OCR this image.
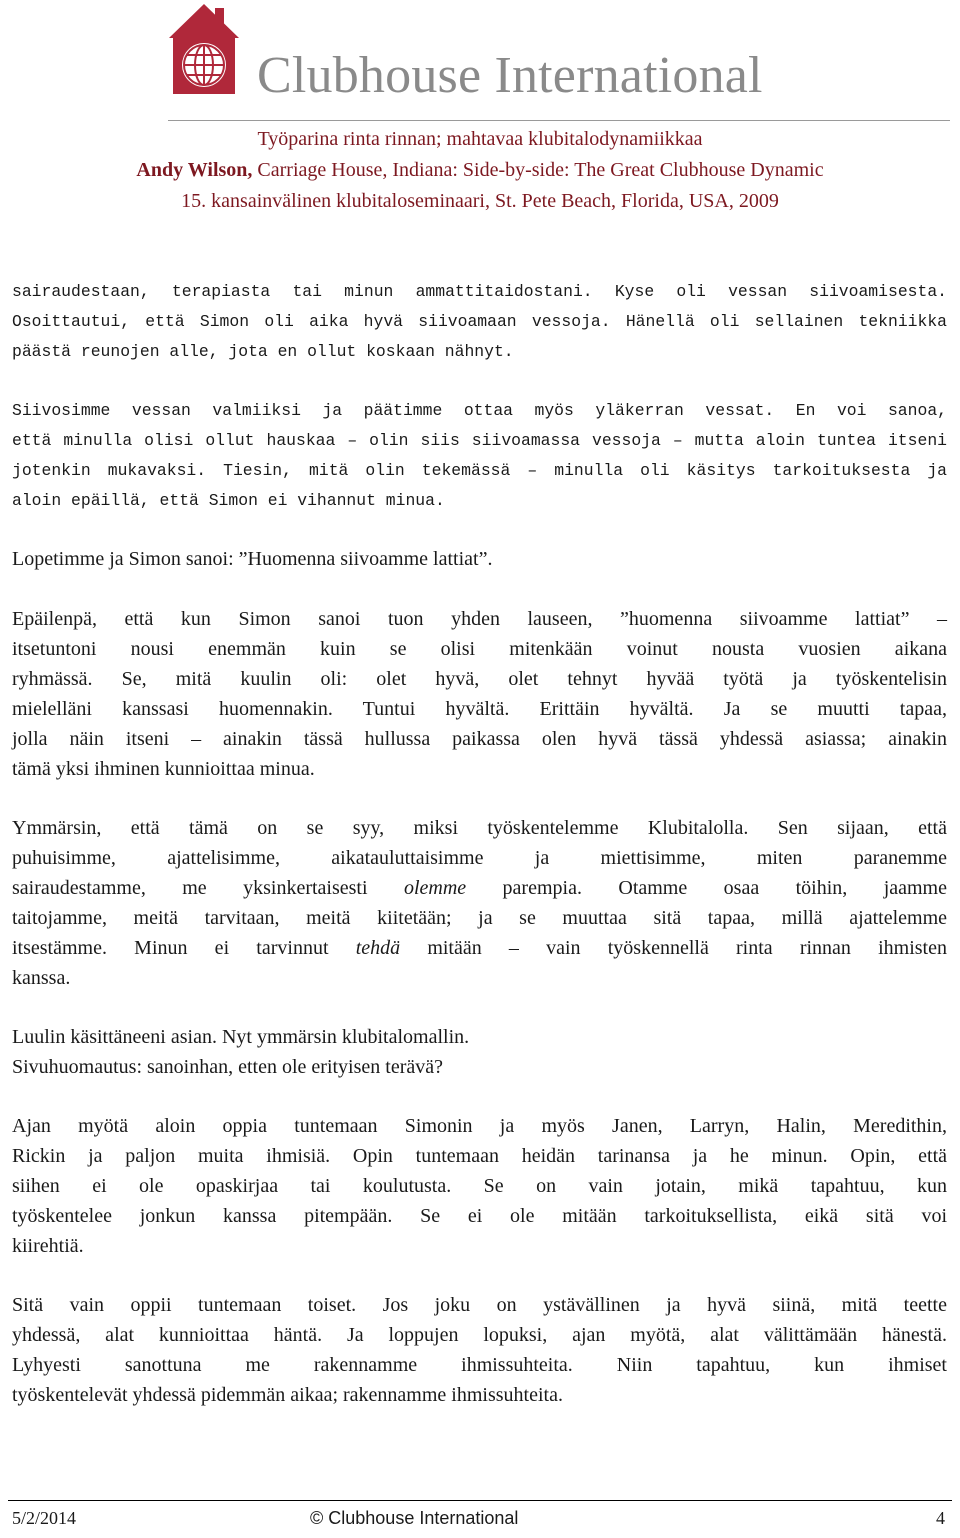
Clubhouse International
Työparina rinta rinnan; mahtavaa klubitalodynamiikkaa
Andy Wilson, Carriage House, Indiana: Side-by-side: The Great Clubhouse Dynamic
15. kansainvälinen klubitaloseminaari, St. Pete Beach, Florida, USA, 2009
sairaudestaan, terapiasta tai minun ammattitaidostani. Kyse oli vessan siivoamisesta.
Osoittautui, että Simon oli aika hyvä siivoamaan vessoja. Hänellä oli sellainen tekniikka
päästä reunojen alle, jota en ollut koskaan nähnyt.
Siivosimme vessan valmiiksi ja päätimme ottaa myös yläkerran vessat. En voi sanoa,
että minulla olisi ollut hauskaa – olin siis siivoamassa vessoja – mutta aloin tuntea itseni
jotenkin mukavaksi. Tiesin, mitä olin tekemässä – minulla oli käsitys tarkoituksesta ja
aloin epäillä, että Simon ei vihannut minua.
Lopetimme ja Simon sanoi: ”Huomenna siivoamme lattiat”.
Epäilenpä, että kun Simon sanoi tuon yhden lauseen, ”huomenna siivoamme lattiat” –
itsetuntoni nousi enemmän kuin se olisi mitenkään voinut nousta vuosien aikana
ryhmässä. Se, mitä kuulin oli: olet hyvä, olet tehnyt hyvää työtä ja työskentelisin
mielelläni kanssasi huomennakin. Tuntui hyvältä. Erittäin hyvältä. Ja se muutti tapaa,
jolla näin itseni – ainakin tässä hullussa paikassa olen hyvä tässä yhdessä asiassa; ainakin
tämä yksi ihminen kunnioittaa minua.
Ymmärsin, että tämä on se syy, miksi työskentelemme Klubitalolla. Sen sijaan, että
puhuisimme, ajattelisimme, aikatauluttaisimme ja miettisimme, miten paranemme
sairaudestamme, me yksinkertaisesti olemme parempia. Otamme osaa töihin, jaamme
taitojamme, meitä tarvitaan, meitä kiitetään; ja se muuttaa sitä tapaa, millä ajattelemme
itsestämme. Minun ei tarvinnut tehdä mitään – vain työskennellä rinta rinnan ihmisten
kanssa.
Luulin käsittäneeni asian. Nyt ymmärsin klubitalomallin.
Sivuhuomautus: sanoinhan, etten ole erityisen terävä?
Ajan myötä aloin oppia tuntemaan Simonin ja myös Janen, Larryn, Halin, Meredithin,
Rickin ja paljon muita ihmisiä. Opin tuntemaan heidän tarinansa ja he minun. Opin, että
siihen ei ole opaskirjaa tai koulutusta. Se on vain jotain, mikä tapahtuu, kun
työskentelee jonkun kanssa pitempään. Se ei ole mitään tarkoituksellista, eikä sitä voi
kiirehtiä.
Sitä vain oppii tuntemaan toiset. Jos joku on ystävällinen ja hyvä siinä, mitä teette
yhdessä, alat kunnioittaa häntä. Ja loppujen lopuksi, ajan myötä, alat välittämään hänestä.
Lyhyesti sanottuna me rakennamme ihmissuhteita. Niin tapahtuu, kun ihmiset
työskentelevät yhdessä pidemmän aikaa; rakennamme ihmissuhteita.
5/2/2014	© Clubhouse International	4
